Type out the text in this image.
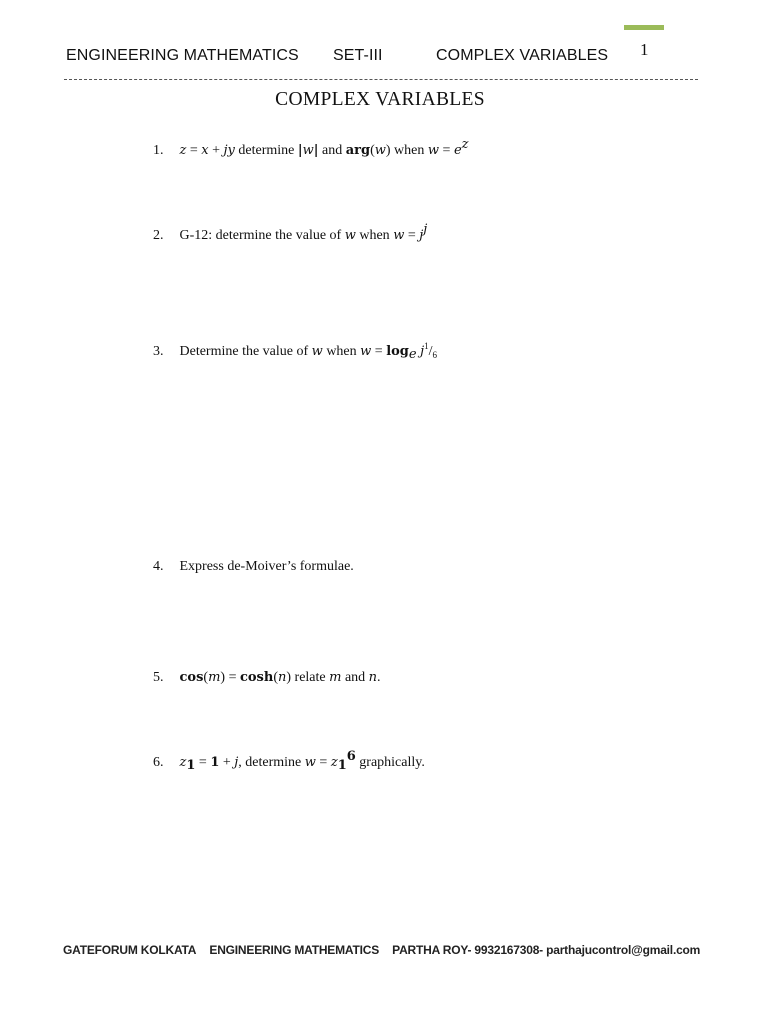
ENGINEERING MATHEMATICS SET-III	COMPLEX VARIABLES 1
COMPLEX VARIABLES
1. z = x + jy determine |w| and arg(w) when $w = e^z$
2. G-12: determine the value of w when $w = j^j$
3. Determine the value of w when $w = \log_e j^1/_6$
4. Express de-Moiver’s formulae.
5. cos(m) = cosh(n) relate m and n.
6. $z_1 = 1 + j$, determine $w = z_1^6$ graphically.
GATEFORUM KOLKATA ENGINEERING MATHEMATICS PARTHA ROY- 9932167308- parthajucontrol@gmail.com
